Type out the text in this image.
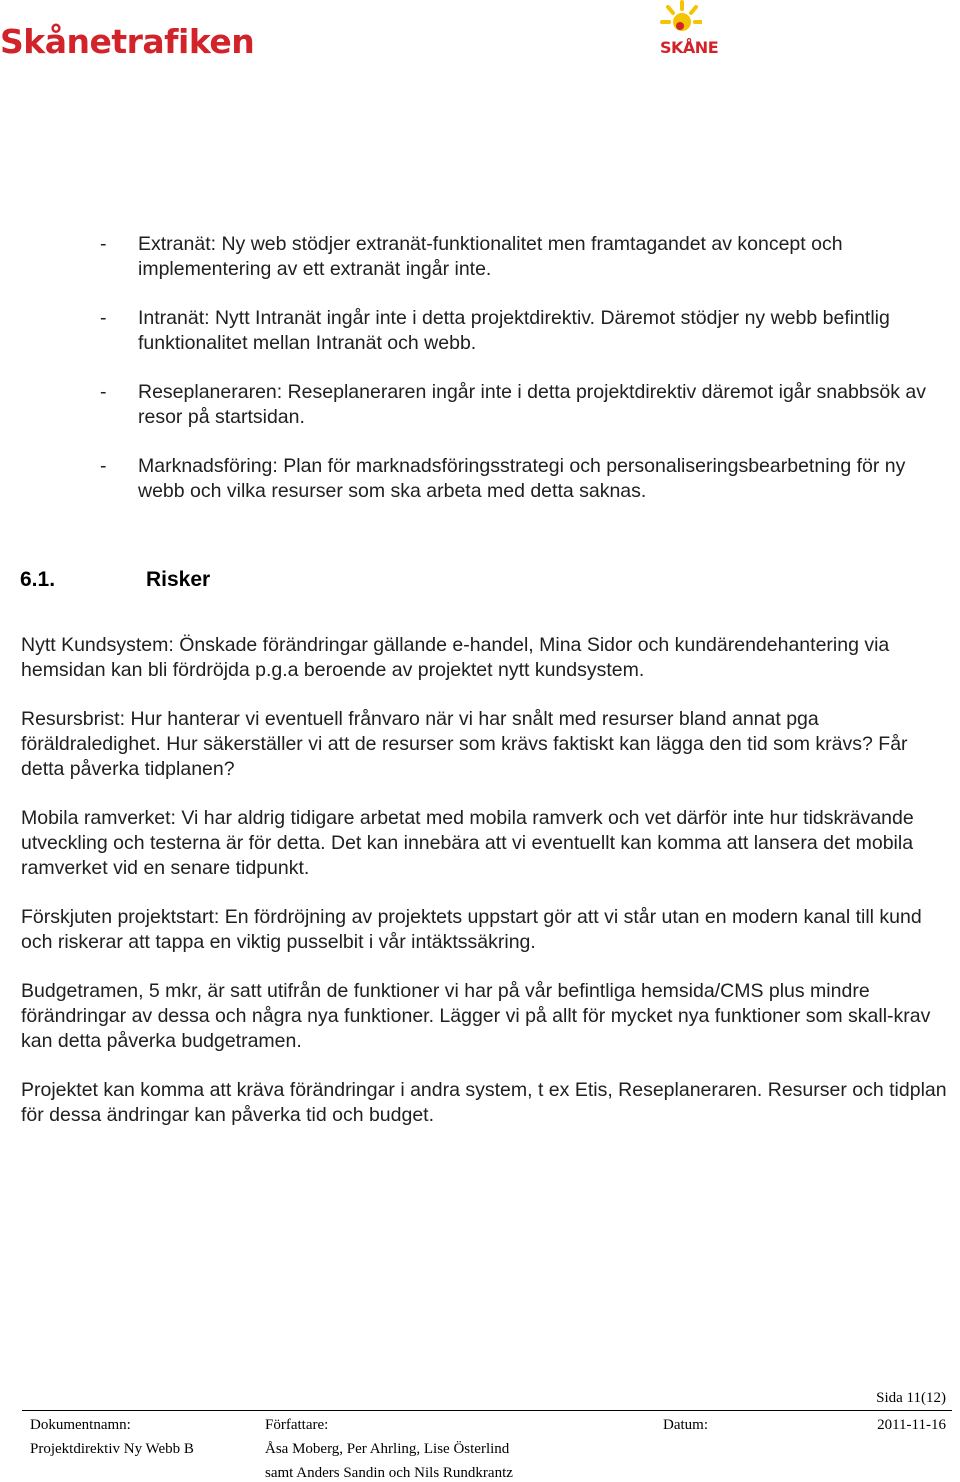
Skånetrafiken	SKÅNE
- Extranät: Ny web stödjer extranät-funktionalitet men framtagandet av koncept och implementering av ett extranät ingår inte.
- Intranät: Nytt Intranät ingår inte i detta projektdirektiv. Däremot stödjer ny webb befintlig funktionalitet mellan Intranät och webb.
- Reseplaneraren: Reseplaneraren ingår inte i detta projektdirektiv däremot igår snabbsök av resor på startsidan.
- Marknadsföring: Plan för marknadsföringsstrategi och personaliseringsbearbetning för ny webb och vilka resurser som ska arbeta med detta saknas.
6.1.	Risker

Nytt Kundsystem: Önskade förändringar gällande e-handel, Mina Sidor och kundärendehantering via hemsidan kan bli fördröjda p.g.a beroende av projektet nytt kundsystem.

Resursbrist: Hur hanterar vi eventuell frånvaro när vi har snålt med resurser bland annat pga föräldraledighet. Hur säkerställer vi att de resurser som krävs faktiskt kan lägga den tid som krävs? Får detta påverka tidplanen?

Mobila ramverket: Vi har aldrig tidigare arbetat med mobila ramverk och vet därför inte hur tidskrävande utveckling och testerna är för detta. Det kan innebära att vi eventuellt kan komma att lansera det mobila ramverket vid en senare tidpunkt.

Förskjuten projektstart: En fördröjning av projektets uppstart gör att vi står utan en modern kanal till kund och riskerar att tappa en viktig pusselbit i vår intäktssäkring.

Budgetramen, 5 mkr, är satt utifrån de funktioner vi har på vår befintliga hemsida/CMS plus mindre förändringar av dessa och några nya funktioner. Lägger vi på allt för mycket nya funktioner som skall-krav kan detta påverka budgetramen.

Projektet kan komma att kräva förändringar i andra system, t ex Etis, Reseplaneraren. Resurser och tidplan för dessa ändringar kan påverka tid och budget.

Sida 11(12)
Dokumentnamn:
Projektdirektiv Ny Webb B
Författare:
Åsa Moberg, Per Ahrling, Lise Österlind
samt Anders Sandin och Nils Rundkrantz
Datum:	2011-11-16
